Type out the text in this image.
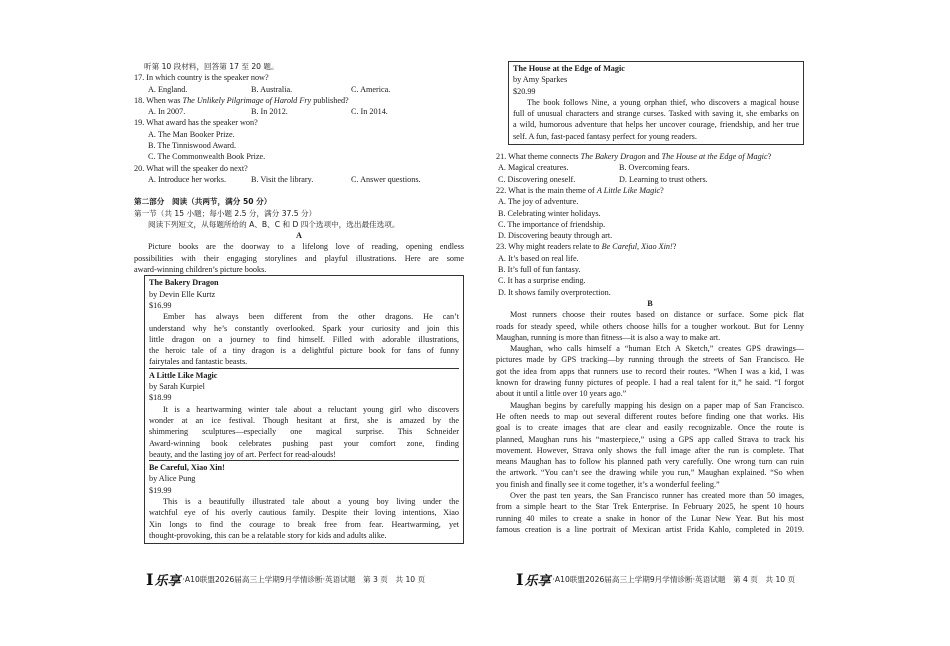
听第 10 段材料，回答第 17 至 20 题。
17. In which country is the speaker now?
A. England.	B. Australia.	C. America.
18. When was The Unlikely Pilgrimage of Harold Fry published?
A. In 2007.	B. In 2012.	C. In 2014.
19. What award has the speaker won?
A. The Man Booker Prize.
B. The Tinniswood Award.
C. The Commonwealth Book Prize.
20. What will the speaker do next?
A. Introduce her works.	B. Visit the library.	C. Answer questions.
第二部分　阅读（共两节，满分 50 分）
第一节（共 15 小题；每小题 2.5 分，满分 37.5 分）
阅读下列短文，从每题所给的 A、B、C 和 D 四个选项中，选出最佳选项。
A
Picture books are the doorway to a lifelong love of reading, opening endless
possibilities with their engaging storylines and playful illustrations. Here are some
award-winning children’s picture books.
The Bakery Dragon
by Devin Elle Kurtz
$16.99
Ember has always been different from the other dragons. He can’t
understand why he’s constantly overlooked. Spark your curiosity and join this
little dragon on a journey to find himself. Filled with adorable illustrations,
the heroic tale of a tiny dragon is a delightful picture book for fans of funny
fairytales and fantastic beasts.
A Little Like Magic
by Sarah Kurpiel
$18.99
It is a heartwarming winter tale about a reluctant young girl who discovers
wonder at an ice festival. Though hesitant at first, she is amazed by the
shimmering sculptures—especially one magical surprise. This Schneider
Award-winning book celebrates pushing past your comfort zone, finding
beauty, and the lasting joy of art. Perfect for read-alouds!
Be Careful, Xiao Xin!
by Alice Pung
$19.99
This is a beautifully illustrated tale about a young boy living under the
watchful eye of his overly cautious family. Despite their loving intentions, Xiao
Xin longs to find the courage to break free from fear. Heartwarming, yet
thought-provoking, this can be a relatable story for kids and adults alike.
I乐享 ·A10联盟2026届高三上学期9月学情诊断·英语试题　第 3 页　共 10 页
The House at the Edge of Magic
by Amy Sparkes
$20.99
The book follows Nine, a young orphan thief, who discovers a magical house
full of unusual characters and strange curses. Tasked with saving it, she embarks on
a wild, humorous adventure that helps her uncover courage, friendship, and her true
self. A fun, fast-paced fantasy perfect for young readers.
21. What theme connects The Bakery Dragon and The House at the Edge of Magic?
A. Magical creatures.	B. Overcoming fears.
C. Discovering oneself.	D. Learning to trust others.
22. What is the main theme of A Little Like Magic?
A. The joy of adventure.
B. Celebrating winter holidays.
C. The importance of friendship.
D. Discovering beauty through art.
23. Why might readers relate to Be Careful, Xiao Xin!?
A. It’s based on real life.
B. It’s full of fun fantasy.
C. It has a surprise ending.
D. It shows family overprotection.
B
Most runners choose their routes based on distance or surface. Some pick flat
roads for steady speed, while others choose hills for a tougher workout. But for Lenny
Maughan, running is more than fitness—it is also a way to make art.
Maughan, who calls himself a “human Etch A Sketch,” creates GPS drawings—
pictures made by GPS tracking—by running through the streets of San Francisco. He
got the idea from apps that runners use to record their routes. “When I was a kid, I was
known for drawing funny pictures of people. I had a real talent for it,” he said. “I forgot
about it until a little over 10 years ago.”
Maughan begins by carefully mapping his design on a paper map of San Francisco.
He often needs to map out several different routes before finding one that works. His
goal is to create images that are clear and easily recognizable. Once the route is
planned, Maughan runs his “masterpiece,” using a GPS app called Strava to track his
movement. However, Strava only shows the full image after the run is complete. That
means Maughan has to follow his planned path very carefully. One wrong turn can ruin
the artwork. “You can’t see the drawing while you run,” Maughan explained. “So when
you finish and finally see it come together, it’s a wonderful feeling.”
Over the past ten years, the San Francisco runner has created more than 50 images,
from a simple heart to the Star Trek Enterprise. In February 2025, he spent 10 hours
running 40 miles to create a snake in honor of the Lunar New Year. But his most
famous creation is a line portrait of Mexican artist Frida Kahlo, completed in 2019.
I乐享 ·A10联盟2026届高三上学期9月学情诊断·英语试题　第 4 页　共 10 页
